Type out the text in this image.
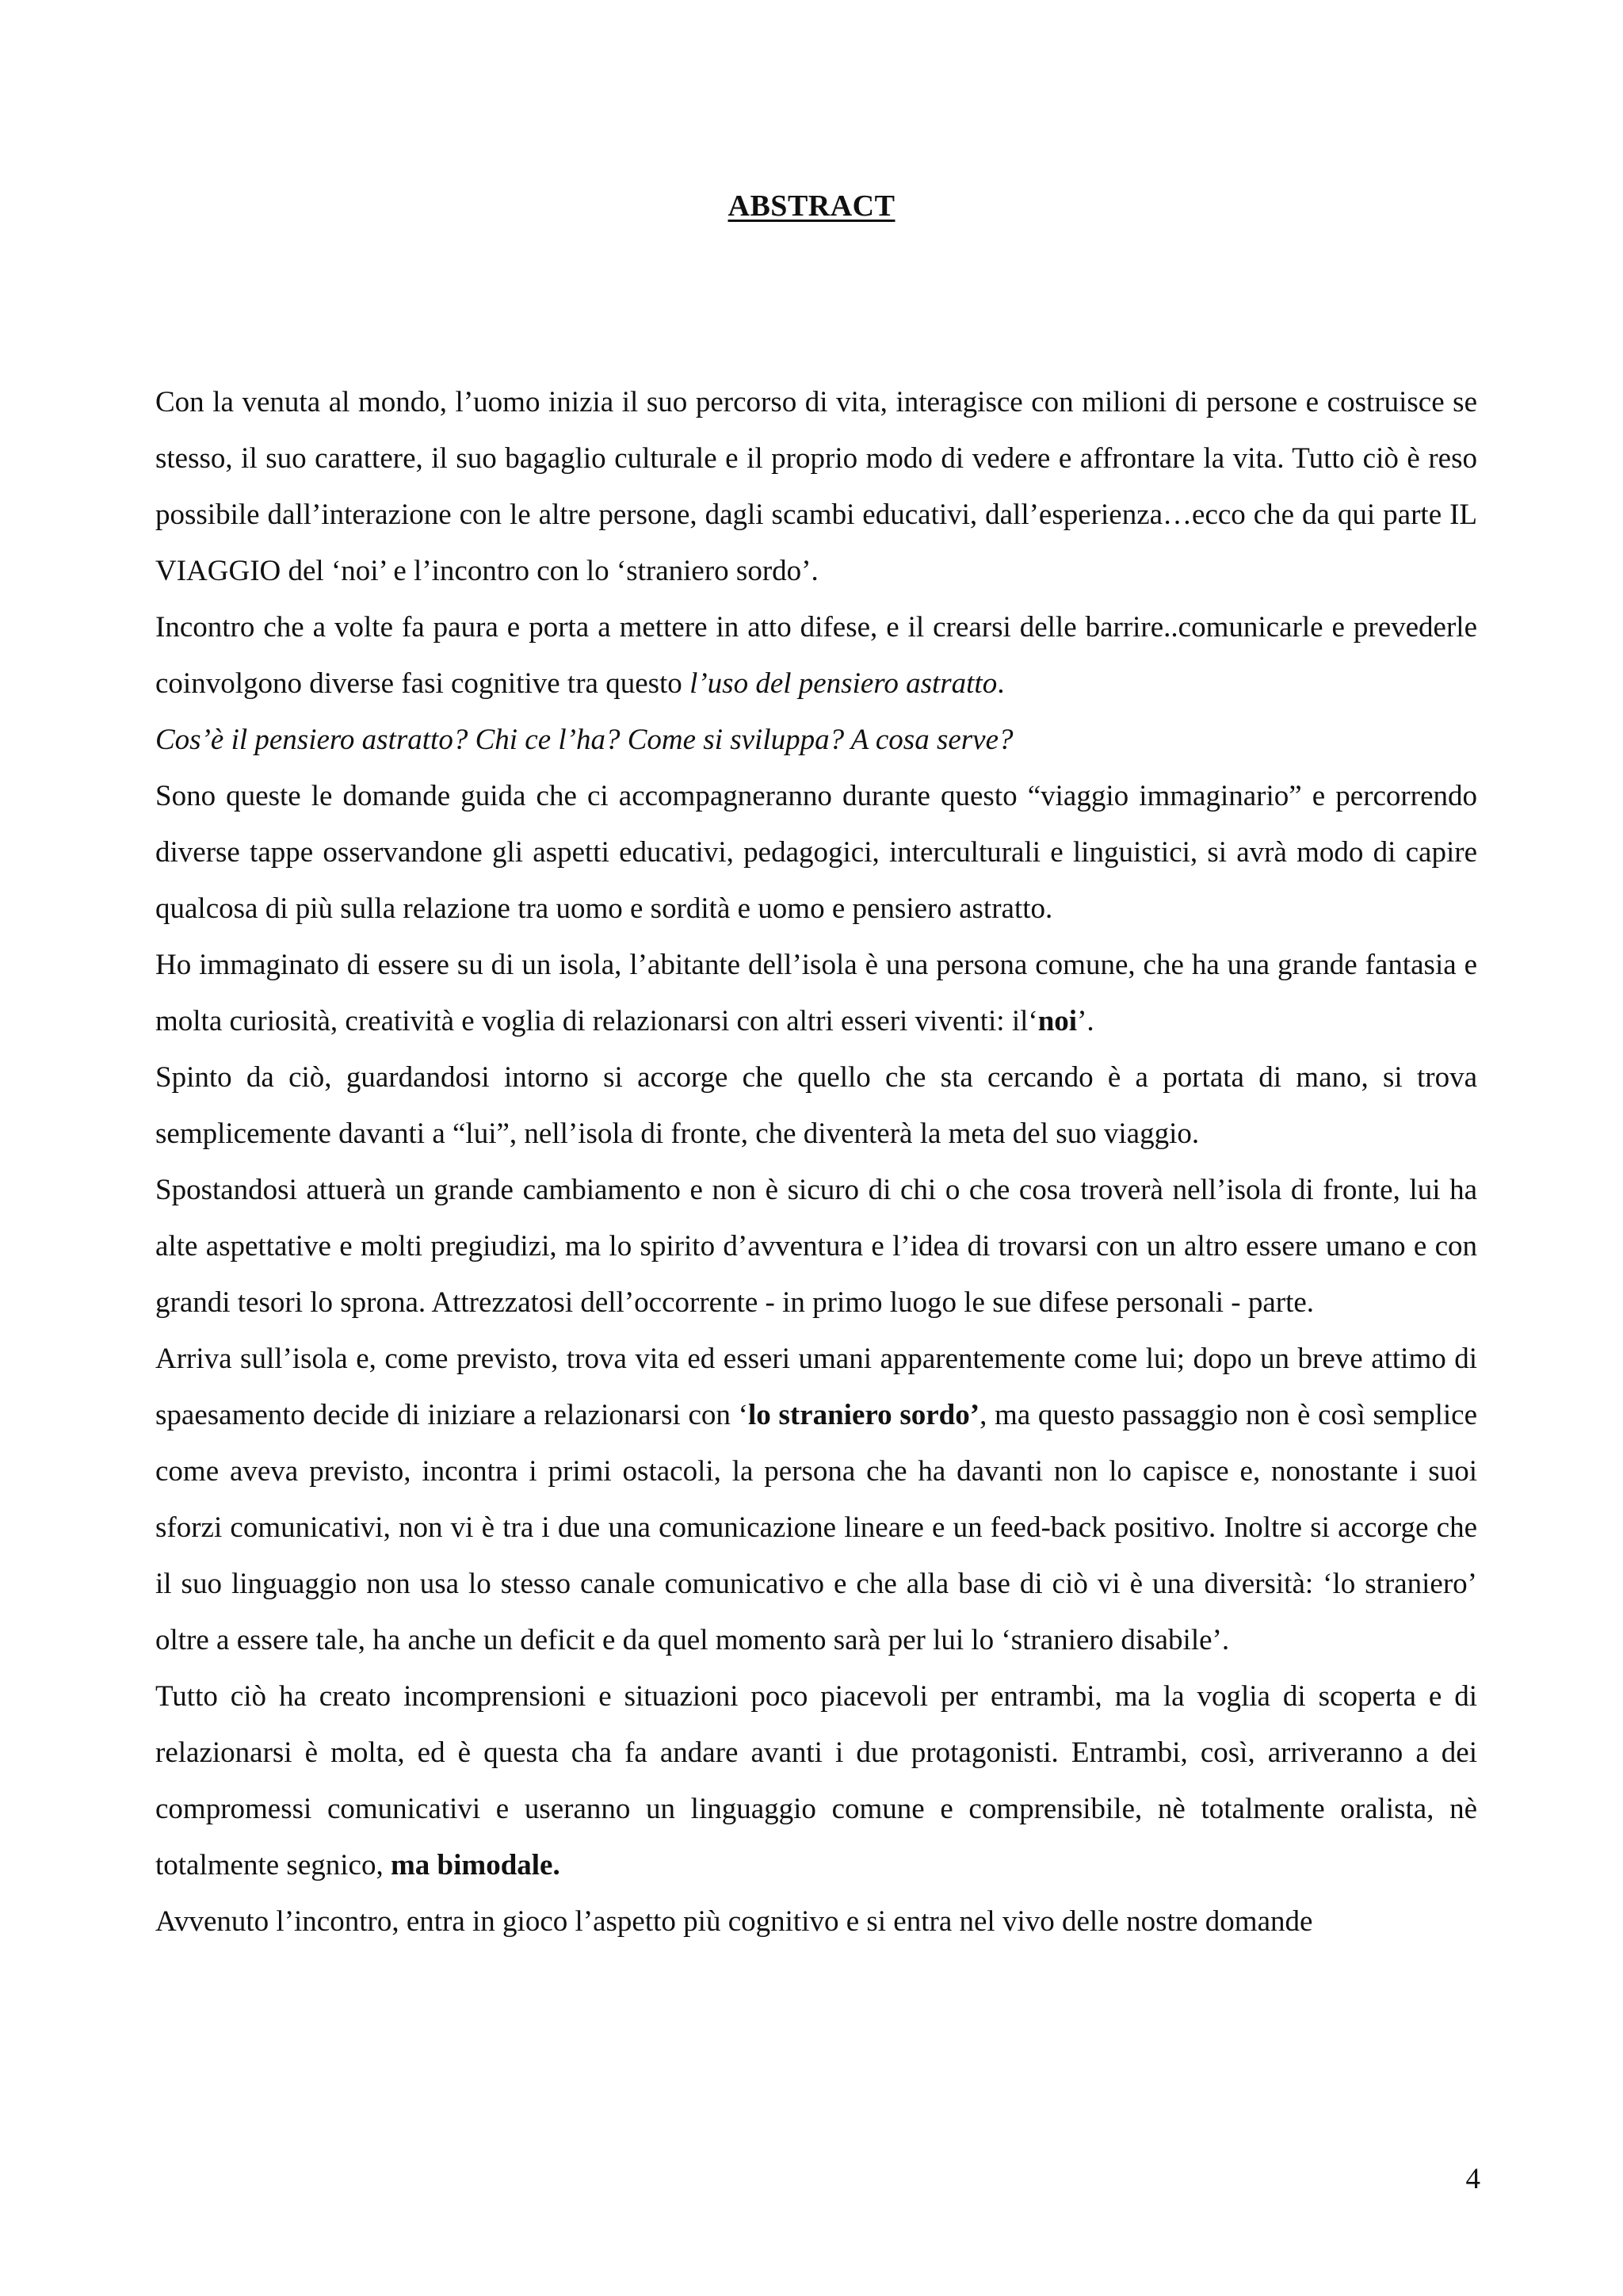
ABSTRACT

Con la venuta al mondo, l’uomo inizia il suo percorso di vita, interagisce con milioni di persone e costruisce se stesso, il suo carattere, il suo bagaglio culturale e il proprio modo di vedere e affrontare la vita. Tutto ciò è reso possibile dall’interazione con le altre persone, dagli scambi educativi, dall’esperienza…ecco che da qui parte IL VIAGGIO del ‘noi’ e l’incontro con lo ‘straniero sordo’.

Incontro che a volte fa paura e porta a mettere in atto difese, e il crearsi delle barrire..comunicarle e prevederle coinvolgono diverse fasi cognitive tra questo l’uso del pensiero astratto.

Cos’è il pensiero astratto? Chi ce l’ha? Come si sviluppa? A cosa serve?

Sono queste le domande guida che ci accompagneranno durante questo “viaggio immaginario” e percorrendo diverse tappe osservandone gli aspetti educativi, pedagogici, interculturali e linguistici, si avrà modo di capire qualcosa di più sulla relazione tra uomo e sordità e uomo e pensiero astratto.

Ho immaginato di essere su di un isola, l’abitante dell’isola è una persona comune, che ha una grande fantasia e molta curiosità, creatività e voglia di relazionarsi con altri esseri viventi: il‘noi’.

Spinto da ciò, guardandosi intorno si accorge che quello che sta cercando è a portata di mano, si trova semplicemente davanti a “lui”, nell’isola di fronte, che diventerà la meta del suo viaggio.

Spostandosi attuerà un grande cambiamento e non è sicuro di chi o che cosa troverà nell’isola di fronte, lui ha alte aspettative e molti pregiudizi, ma lo spirito d’avventura e l’idea di trovarsi con un altro essere umano e con grandi tesori lo sprona. Attrezzatosi dell’occorrente - in primo luogo le sue difese personali - parte.

Arriva sull’isola e, come previsto, trova vita ed esseri umani apparentemente come lui; dopo un breve attimo di spaesamento decide di iniziare a relazionarsi con ‘lo straniero sordo’, ma questo passaggio non è così semplice come aveva previsto, incontra i primi ostacoli, la persona che ha davanti non lo capisce e, nonostante i suoi sforzi comunicativi, non vi è tra i due una comunicazione lineare e un feed-back positivo. Inoltre si accorge che il suo linguaggio non usa lo stesso canale comunicativo e che alla base di ciò vi è una diversità: ‘lo straniero’ oltre a essere tale, ha anche un deficit e da quel momento sarà per lui lo ‘straniero disabile’.

Tutto ciò ha creato incomprensioni e situazioni poco piacevoli per entrambi, ma la voglia di scoperta e di relazionarsi è molta, ed è questa cha fa andare avanti i due protagonisti. Entrambi, così, arriveranno a dei compromessi comunicativi e useranno un linguaggio comune e comprensibile, nè totalmente oralista, nè totalmente segnico, ma bimodale.

Avvenuto l’incontro, entra in gioco l’aspetto più cognitivo e si entra nel vivo delle nostre domande

4
